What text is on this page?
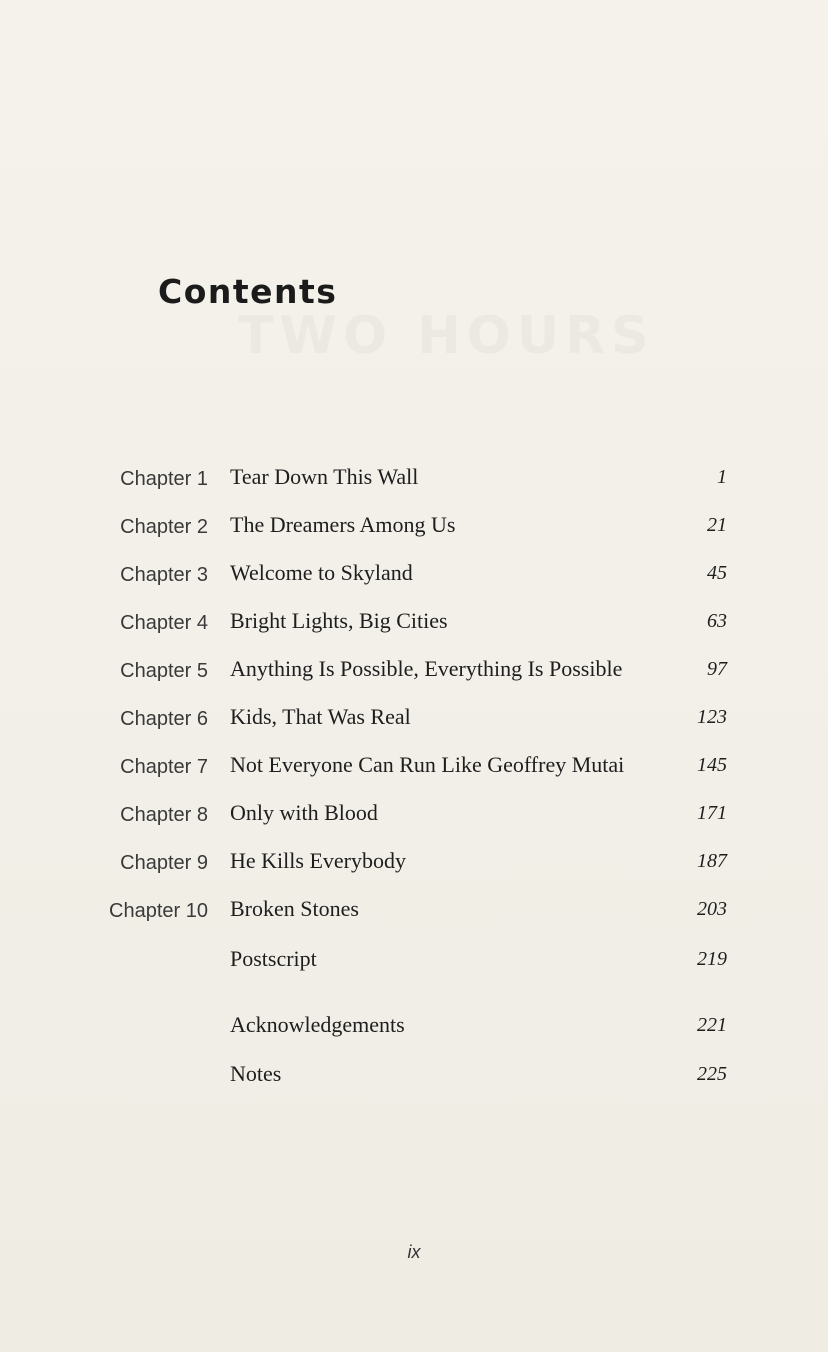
Contents
Chapter 1 Tear Down This Wall	1
Chapter 2 The Dreamers Among Us	21
Chapter 3 Welcome to Skyland	45
Chapter 4 Bright Lights, Big Cities	63
Chapter 5 Anything Is Possible, Everything Is Possible	97
Chapter 6 Kids, That Was Real	123
Chapter 7 Not Everyone Can Run Like Geoffrey Mutai	145
Chapter 8 Only with Blood	171
Chapter 9 He Kills Everybody	187
Chapter 10 Broken Stones	203
Postscript	219
Acknowledgements	221
Notes	225
ix
